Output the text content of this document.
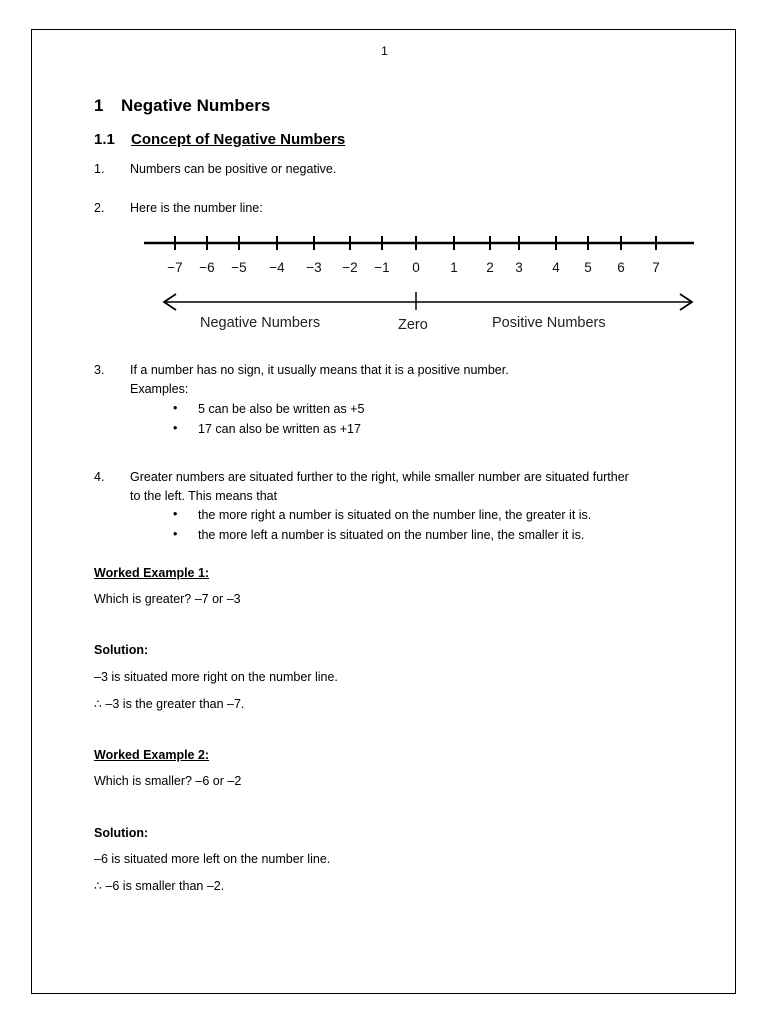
1
1 Negative Numbers
1.1 Concept of Negative Numbers
1. Numbers can be positive or negative.
2. Here is the number line:
−7 −6 −5 −4 −3 −2 −1 0 1 2 3 4 5 6 7
Negative Numbers	Zero	Positive Numbers
3. If a number has no sign, it usually means that it is a positive number.
Examples:
• 5 can be also be written as +5
• 17 can also be written as +17
4. Greater numbers are situated further to the right, while smaller number are situated further
to the left. This means that
• the more right a number is situated on the number line, the greater it is.
• the more left a number is situated on the number line, the smaller it is.
Worked Example 1:
Which is greater? –7 or –3
Solution:
–3 is situated more right on the number line.
∴ –3 is the greater than –7.
Worked Example 2:
Which is smaller? –6 or –2
Solution:
–6 is situated more left on the number line.
∴ –6 is smaller than –2.
